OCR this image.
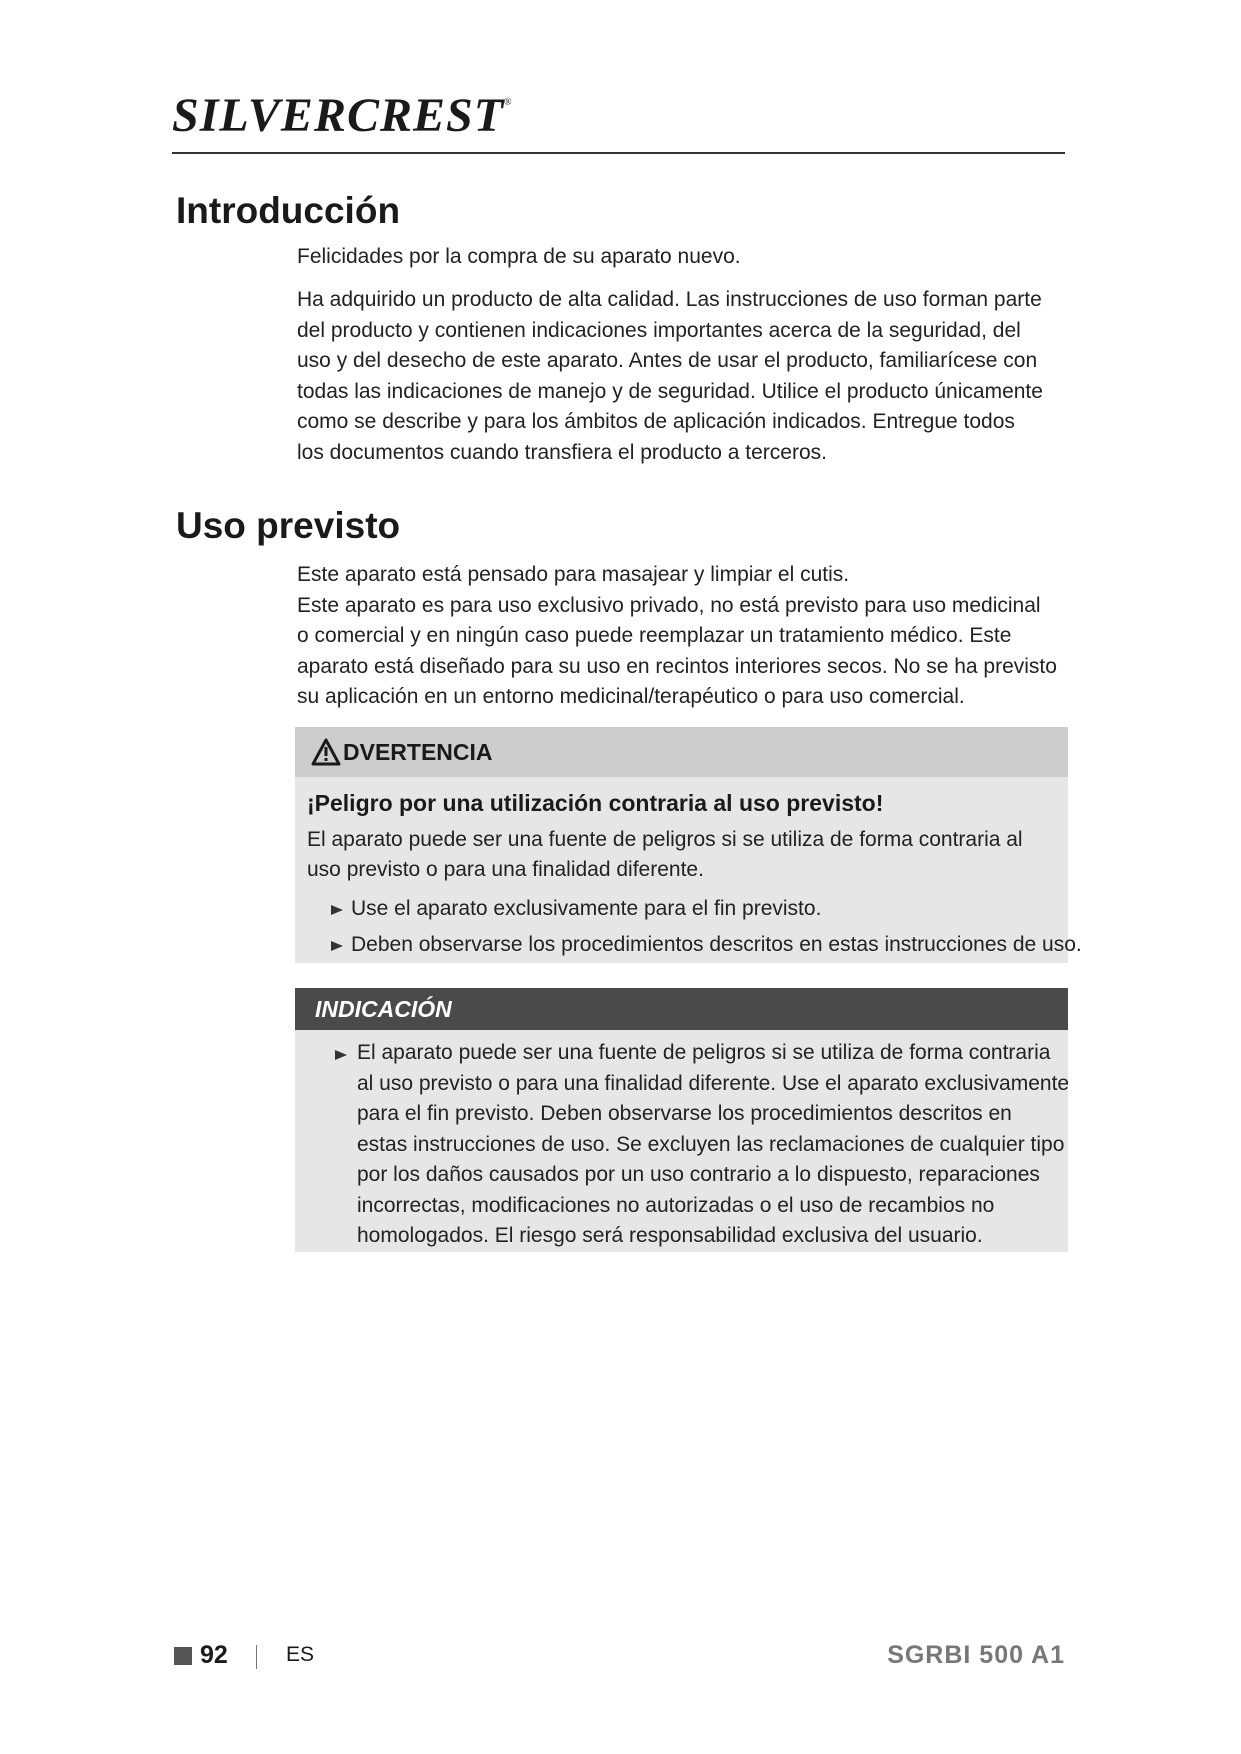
SILVERCREST®
Introducción

Felicidades por la compra de su aparato nuevo.

Ha adquirido un producto de alta calidad. Las instrucciones de uso forman parte
del producto y contienen indicaciones importantes acerca de la seguridad, del
uso y del desecho de este aparato. Antes de usar el producto, familiarícese con
todas las indicaciones de manejo y de seguridad. Utilice el producto únicamente
como se describe y para los ámbitos de aplicación indicados. Entregue todos
los documentos cuando transfiera el producto a terceros.

Uso previsto

Este aparato está pensado para masajear y limpiar el cutis.
Este aparato es para uso exclusivo privado, no está previsto para uso medicinal
o comercial y en ningún caso puede reemplazar un tratamiento médico. Este
aparato está diseñado para su uso en recintos interiores secos. No se ha previsto
su aplicación en un entorno medicinal/terapéutico o para uso comercial.

DVERTENCIA
¡Peligro por una utilización contraria al uso previsto!
El aparato puede ser una fuente de peligros si se utiliza de forma contraria al
uso previsto o para una finalidad diferente.
Use el aparato exclusivamente para el fin previsto.
Deben observarse los procedimientos descritos en estas instrucciones de uso.
INDICACIÓN

El aparato puede ser una fuente de peligros si se utiliza de forma contraria
al uso previsto o para una finalidad diferente. Use el aparato exclusivamente
para el fin previsto. Deben observarse los procedimientos descritos en
estas instrucciones de uso. Se excluyen las reclamaciones de cualquier tipo
por los daños causados por un uso contrario a lo dispuesto, reparaciones
incorrectas, modificaciones no autorizadas o el uso de recambios no
homologados. El riesgo será responsabilidad exclusiva del usuario.

92	ES	SGRBI 500 A1
